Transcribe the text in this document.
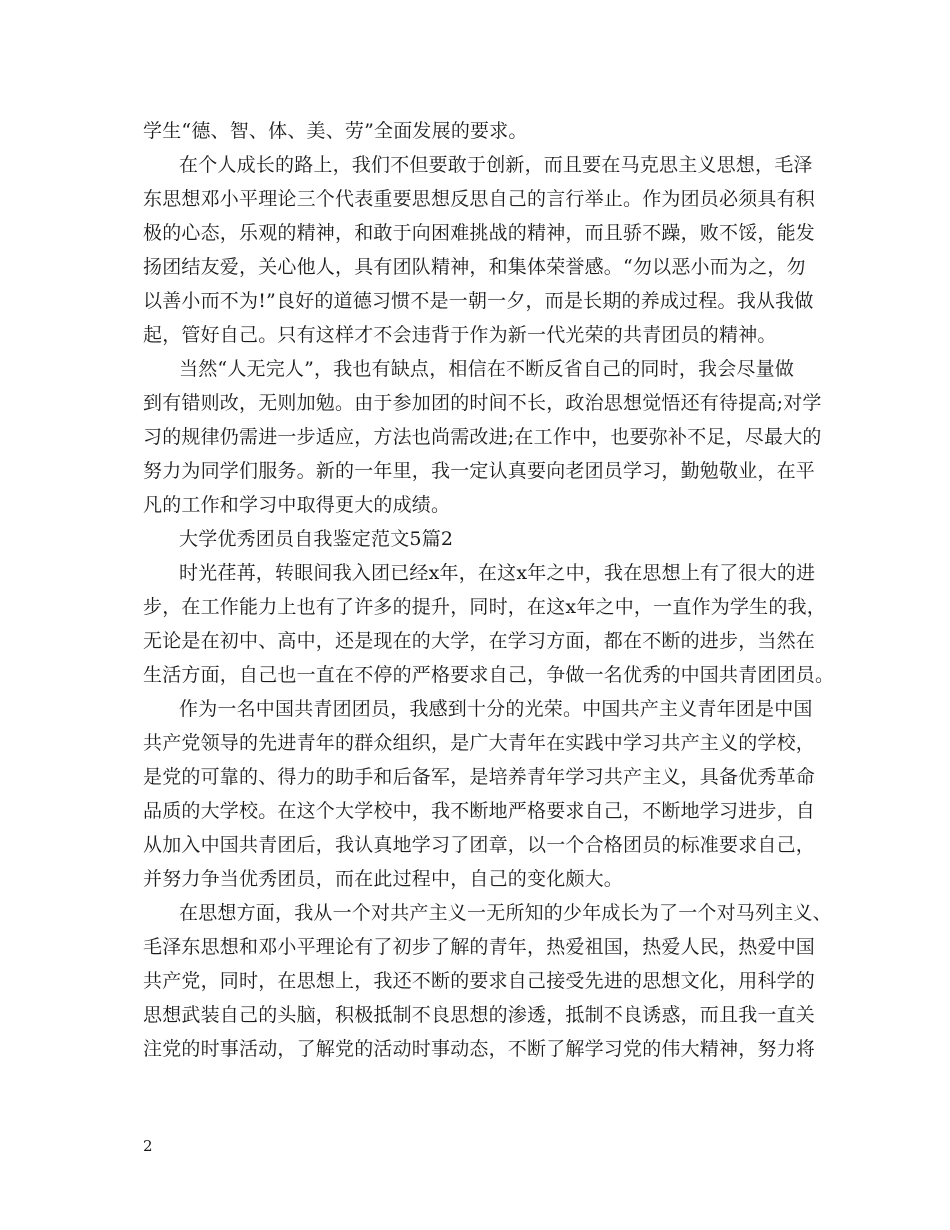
学生“德、智、体、美、劳”全面发展的要求。
在个人成长的路上，我们不但要敢于创新，而且要在马克思主义思想，毛泽
东思想邓小平理论三个代表重要思想反思自己的言行举止。作为团员必须具有积
极的心态，乐观的精神，和敢于向困难挑战的精神，而且骄不躁，败不馁，能发
扬团结友爱，关心他人，具有团队精神，和集体荣誉感。“勿以恶小而为之，勿
以善小而不为!”良好的道德习惯不是一朝一夕，而是长期的养成过程。我从我做
起，管好自己。只有这样才不会违背于作为新一代光荣的共青团员的精神。
当然“人无完人”，我也有缺点，相信在不断反省自己的同时，我会尽量做
到有错则改，无则加勉。由于参加团的时间不长，政治思想觉悟还有待提高;对学
习的规律仍需进一步适应，方法也尚需改进;在工作中，也要弥补不足，尽最大的
努力为同学们服务。新的一年里，我一定认真要向老团员学习，勤勉敬业，在平
凡的工作和学习中取得更大的成绩。
大学优秀团员自我鉴定范文5篇2
时光荏苒，转眼间我入团已经x年，在这x年之中，我在思想上有了很大的进
步，在工作能力上也有了许多的提升，同时，在这x年之中，一直作为学生的我，
无论是在初中、高中，还是现在的大学，在学习方面，都在不断的进步，当然在
生活方面，自己也一直在不停的严格要求自己，争做一名优秀的中国共青团团员。
作为一名中国共青团团员，我感到十分的光荣。中国共产主义青年团是中国
共产党领导的先进青年的群众组织，是广大青年在实践中学习共产主义的学校，
是党的可靠的、得力的助手和后备军，是培养青年学习共产主义，具备优秀革命
品质的大学校。在这个大学校中，我不断地严格要求自己，不断地学习进步，自
从加入中国共青团后，我认真地学习了团章，以一个合格团员的标准要求自己，
并努力争当优秀团员，而在此过程中，自己的变化颇大。
在思想方面，我从一个对共产主义一无所知的少年成长为了一个对马列主义、
毛泽东思想和邓小平理论有了初步了解的青年，热爱祖国，热爱人民，热爱中国
共产党，同时，在思想上，我还不断的要求自己接受先进的思想文化，用科学的
思想武装自己的头脑，积极抵制不良思想的渗透，抵制不良诱惑，而且我一直关
注党的时事活动，了解党的活动时事动态，不断了解学习党的伟大精神，努力将
2
